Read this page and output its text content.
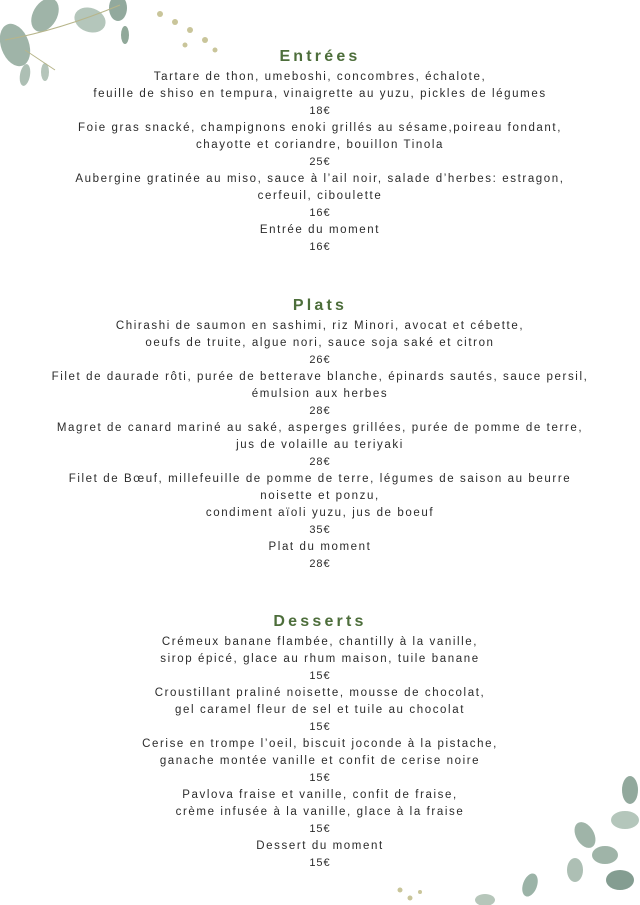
Entrées
Tartare de thon, umeboshi, concombres, échalote,
feuille de shiso en tempura, vinaigrette au yuzu, pickles de légumes
18€
Foie gras snacké, champignons enoki grillés au sésame,poireau fondant,
chayotte et coriandre, bouillon Tinola
25€
Aubergine gratinée au miso, sauce à l’ail noir, salade d’herbes: estragon,
cerfeuil, ciboulette
16€
Entrée du moment
16€
Plats
Chirashi de saumon en sashimi, riz Minori, avocat et cébette,
oeufs de truite, algue nori, sauce soja saké et citron
26€
Filet de daurade rôti, purée de betterave blanche, épinards sautés, sauce persil,
émulsion aux herbes
28€
Magret de canard mariné au saké, asperges grillées, purée de pomme de terre,
jus de volaille au teriyaki
28€
Filet de Bœuf, millefeuille de pomme de terre, légumes de saison au beurre
noisette et ponzu,
condiment aïoli yuzu, jus de boeuf
35€
Plat du moment
28€
Desserts
Crémeux banane flambée, chantilly à la vanille,
sirop épicé, glace au rhum maison, tuile banane
15€
Croustillant praliné noisette, mousse de chocolat,
gel caramel fleur de sel et tuile au chocolat
15€
Cerise en trompe l’oeil, biscuit joconde à la pistache,
ganache montée vanille et confit de cerise noire
15€
Pavlova fraise et vanille, confit de fraise,
crème infusée à la vanille, glace à la fraise
15€
Dessert du moment
15€
